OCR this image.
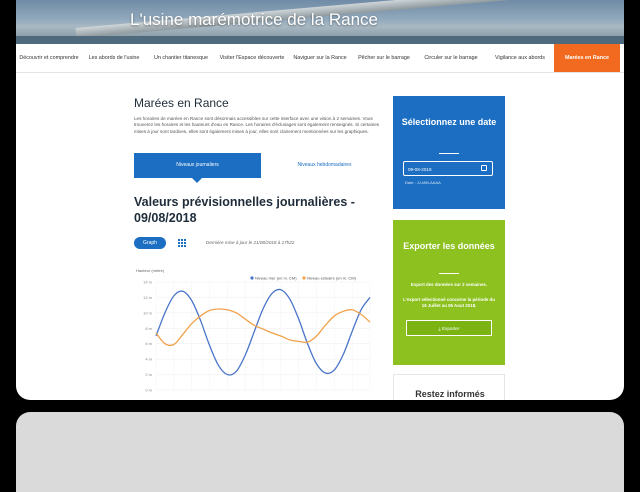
L'usine marémotrice de la Rance
Découvrir et comprendre	Les abords de l'usine	Un chantier titanesque	Visiter l'Espace découverte	Naviguer sur la Rance	Pêcher sur le barrage	Circuler sur le barrage	Vigilance aux abords	Marées en Rance
Marées en Rance
Les horaires de marées en Rance sont désormais accessibles sur cette interface avec une vision à 2 semaines. Vous trouverez les horaires et les hauteurs d'eau en Rance. Les horaires d'éclusages sont également renseignés. Si certaines mises à jour sont tardives, elles sont également mises à jour, elles sont clairement mentionnées sur les graphiques.
Niveaux journaliers	Niveaux hebdomadaires
Valeurs prévisionnelles journalières - 09/08/2018
Graph	Dernière mise à jour le 21/08/2018 à 17h22
Hauteur (mètre)
0 m
2 m
4 m
6 m
8 m
10 m
12 m
14 m
Niveau mer (en m. CM)	Niveau estuaire (en m. CM)
Sélectionnez une date
09-08-2018
Date : JJ-MM-AAAA
Exporter les données
Export des données sur 2 semaines.
L'export sélectionné concerne la période du 16 Juillet au 05 Aout 2018.
⤓ Exporter
Restez informés
